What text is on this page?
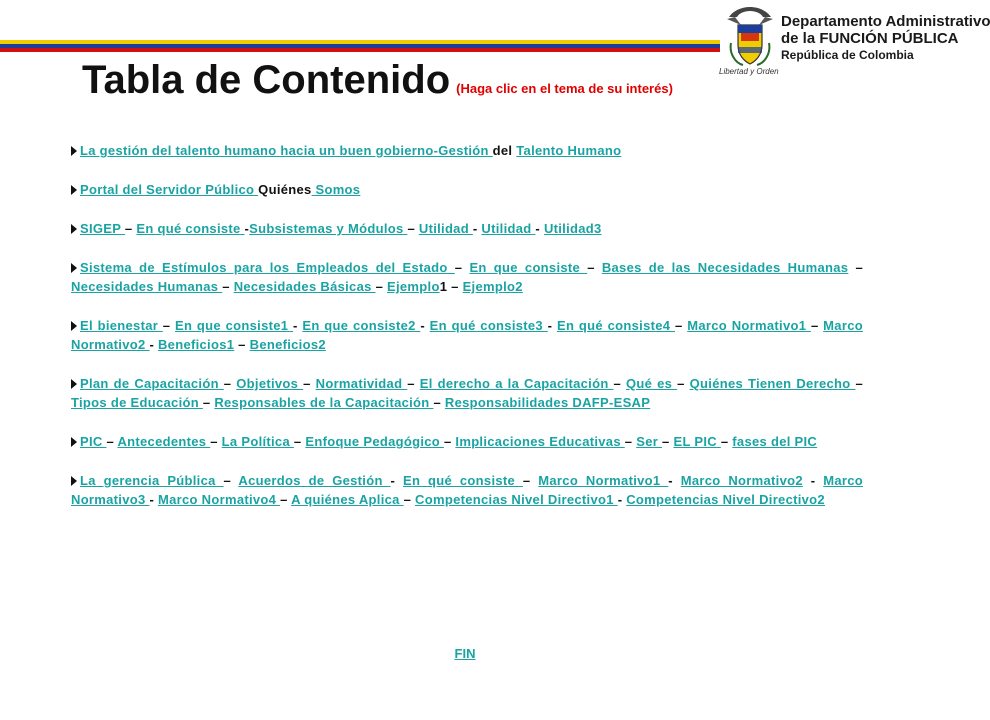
Libertad y Orden
Departamento Administrativo
de la FUNCIÓN PÚBLICA
República de Colombia
Tabla de Contenido (Haga clic en el tema de su interés)
La gestión del talento humano hacia un buen gobierno-Gestión del Talento Humano
Portal del Servidor Público Quiénes Somos
SIGEP – En qué consiste -Subsistemas y Módulos – Utilidad - Utilidad - Utilidad3
Sistema de Estímulos para los Empleados del Estado – En que consiste – Bases de las Necesidades Humanas – Necesidades Humanas – Necesidades Básicas – Ejemplo1 – Ejemplo2
El bienestar – En que consiste1 - En que consiste2 - En qué consiste3 - En qué consiste4 – Marco Normativo1 – Marco Normativo2 - Beneficios1 – Beneficios2
Plan de Capacitación – Objetivos – Normatividad – El derecho a la Capacitación – Qué es – Quiénes Tienen Derecho – Tipos de Educación – Responsables de la Capacitación – Responsabilidades DAFP-ESAP
PIC – Antecedentes – La Política – Enfoque Pedagógico – Implicaciones Educativas – Ser – EL PIC – fases del PIC
La gerencia Pública – Acuerdos de Gestión - En qué consiste – Marco Normativo1 - Marco Normativo2 - Marco Normativo3 - Marco Normativo4 – A quiénes Aplica – Competencias Nivel Directivo1 - Competencias Nivel Directivo2
FIN
